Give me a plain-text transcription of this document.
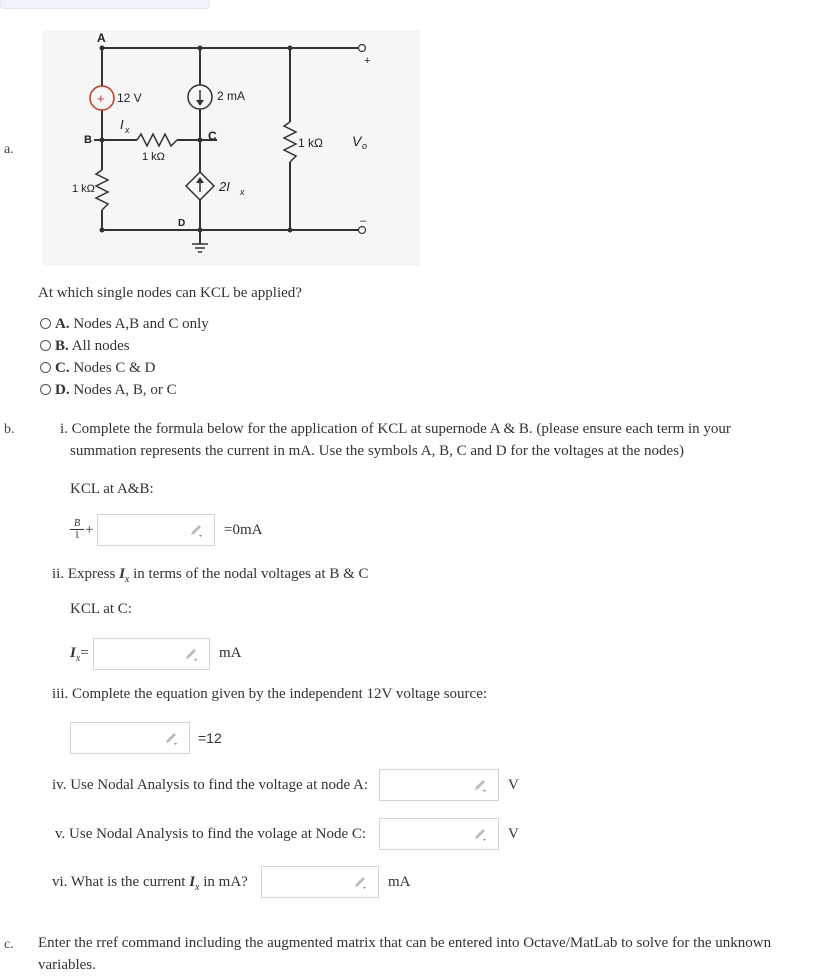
a.
+
A
B	C
D
12 V	2 mA
I x
1 kΩ
1 kΩ
1 kΩ
2I x
V o
+
–
At which single nodes can KCL be applied?
A. Nodes A,B and C only
B. All nodes
C. Nodes C & D
D. Nodes A, B, or C
b.	i. Complete the formula below for the application of KCL at supernode A & B. (please ensure each term in your
summation represents the current in mA. Use the symbols A, B, C and D for the voltages at the nodes)
KCL at A&B:
$\frac{B}{1}$ +	=0mA
ii. Express $I_x$ in terms of the nodal voltages at B & C
KCL at C:
$I_x=$	mA
iii. Complete the equation given by the independent 12V voltage source:
=12
iv. Use Nodal Analysis to find the voltage at node A:	V
v. Use Nodal Analysis to find the volage at Node C:	V
vi. What is the current $I_x$ in mA?	mA
c. Enter the rref command including the augmented matrix that can be entered into Octave/MatLab to solve for the unknown
variables.
